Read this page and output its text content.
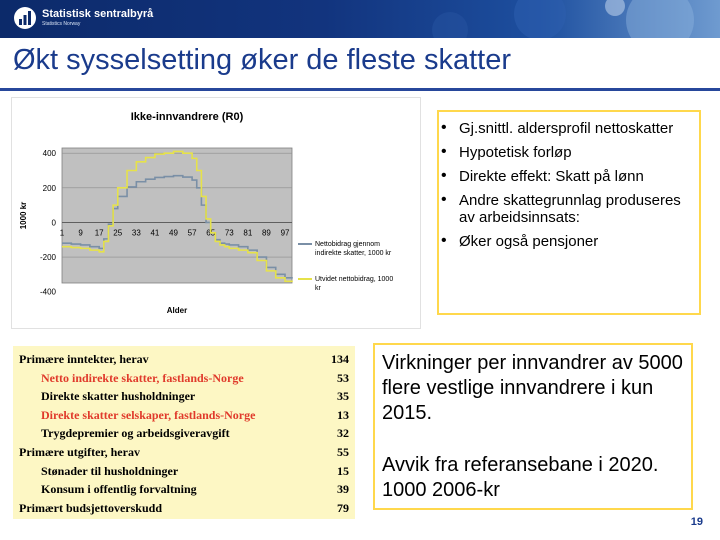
Statistisk sentralbyrå
Statistics Norway
Økt sysselsetting øker de fleste skatter
Ikke-innvandrere (R0)
400
200
0
-200
-400
1 9 17 25 33 41 49 57 65 73 81 89 97
Alder
1000 kr
Nettobidrag gjennom indirekte skatter, 1000 kr
Utvidet nettobidrag, 1000 kr
• Gj.snittl. aldersprofil nettoskatter
• Hypotetisk forløp
• Direkte effekt: Skatt på lønn
• Andre skattegrunnlag produseres av arbeidsinnsats:
• Øker også pensjoner
Primære inntekter, herav	134
Netto indirekte skatter, fastlands-Norge	53
Direkte skatter husholdninger	35
Direkte skatter selskaper, fastlands-Norge	13
Trygdepremier og arbeidsgiveravgift	32
Primære utgifter, herav	55
Stønader til husholdninger	15
Konsum i offentlig forvaltning	39
Primært budsjettoverskudd	79
Virkninger per innvandrer av 5000 flere vestlige innvandrere i kun 2015.
Avvik fra referansebane i 2020. 1000 2006-kr
19
